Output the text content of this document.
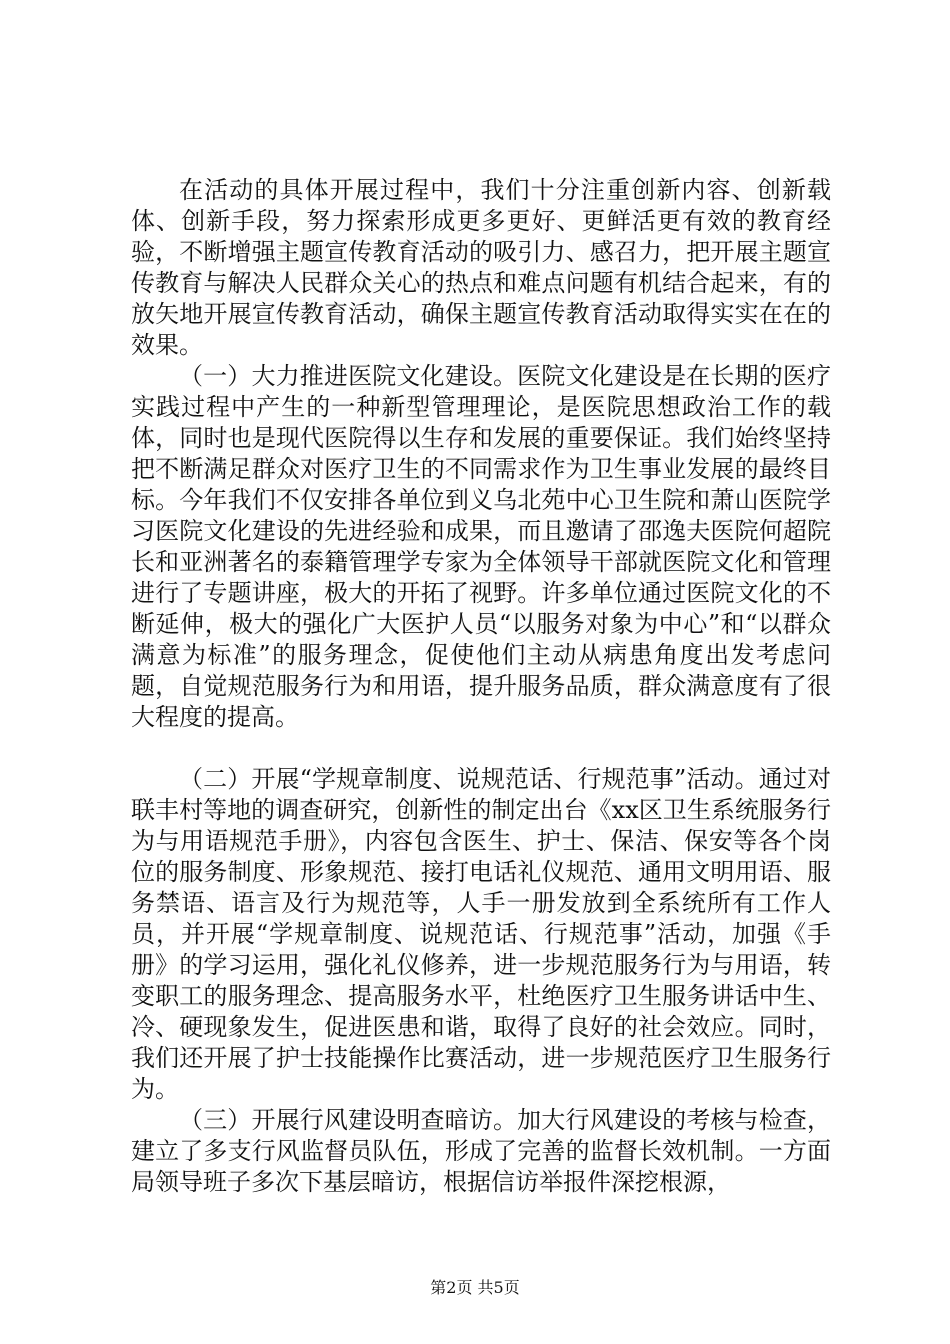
在活动的具体开展过程中，我们十分注重创新内容、创新载体、创新手段，努力探索形成更多更好、更鲜活更有效的教育经验，不断增强主题宣传教育活动的吸引力、感召力，把开展主题宣传教育与解决人民群众关心的热点和难点问题有机结合起来，有的放矢地开展宣传教育活动，确保主题宣传教育活动取得实实在在的效果。

（一）大力推进医院文化建设。医院文化建设是在长期的医疗实践过程中产生的一种新型管理理论，是医院思想政治工作的载体，同时也是现代医院得以生存和发展的重要保证。我们始终坚持把不断满足群众对医疗卫生的不同需求作为卫生事业发展的最终目标。今年我们不仅安排各单位到义乌北苑中心卫生院和萧山医院学习医院文化建设的先进经验和成果，而且邀请了邵逸夫医院何超院长和亚洲著名的泰籍管理学专家为全体领导干部就医院文化和管理进行了专题讲座，极大的开拓了视野。许多单位通过医院文化的不断延伸，极大的强化广大医护人员“以服务对象为中心”和“以群众满意为标准”的服务理念，促使他们主动从病患角度出发考虑问题，自觉规范服务行为和用语，提升服务品质，群众满意度有了很大程度的提高。

（二）开展“学规章制度、说规范话、行规范事”活动。通过对联丰村等地的调查研究，创新性的制定出台《xx区卫生系统服务行为与用语规范手册》，内容包含医生、护士、保洁、保安等各个岗位的服务制度、形象规范、接打电话礼仪规范、通用文明用语、服务禁语、语言及行为规范等，人手一册发放到全系统所有工作人员，并开展“学规章制度、说规范话、行规范事”活动，加强《手册》的学习运用，强化礼仪修养，进一步规范服务行为与用语，转变职工的服务理念、提高服务水平，杜绝医疗卫生服务讲话中生、冷、硬现象发生，促进医患和谐，取得了良好的社会效应。同时，我们还开展了护士技能操作比赛活动，进一步规范医疗卫生服务行为。

（三）开展行风建设明查暗访。加大行风建设的考核与检查，建立了多支行风监督员队伍，形成了完善的监督长效机制。一方面局领导班子多次下基层暗访，根据信访举报件深挖根源，

第2页 共5页
